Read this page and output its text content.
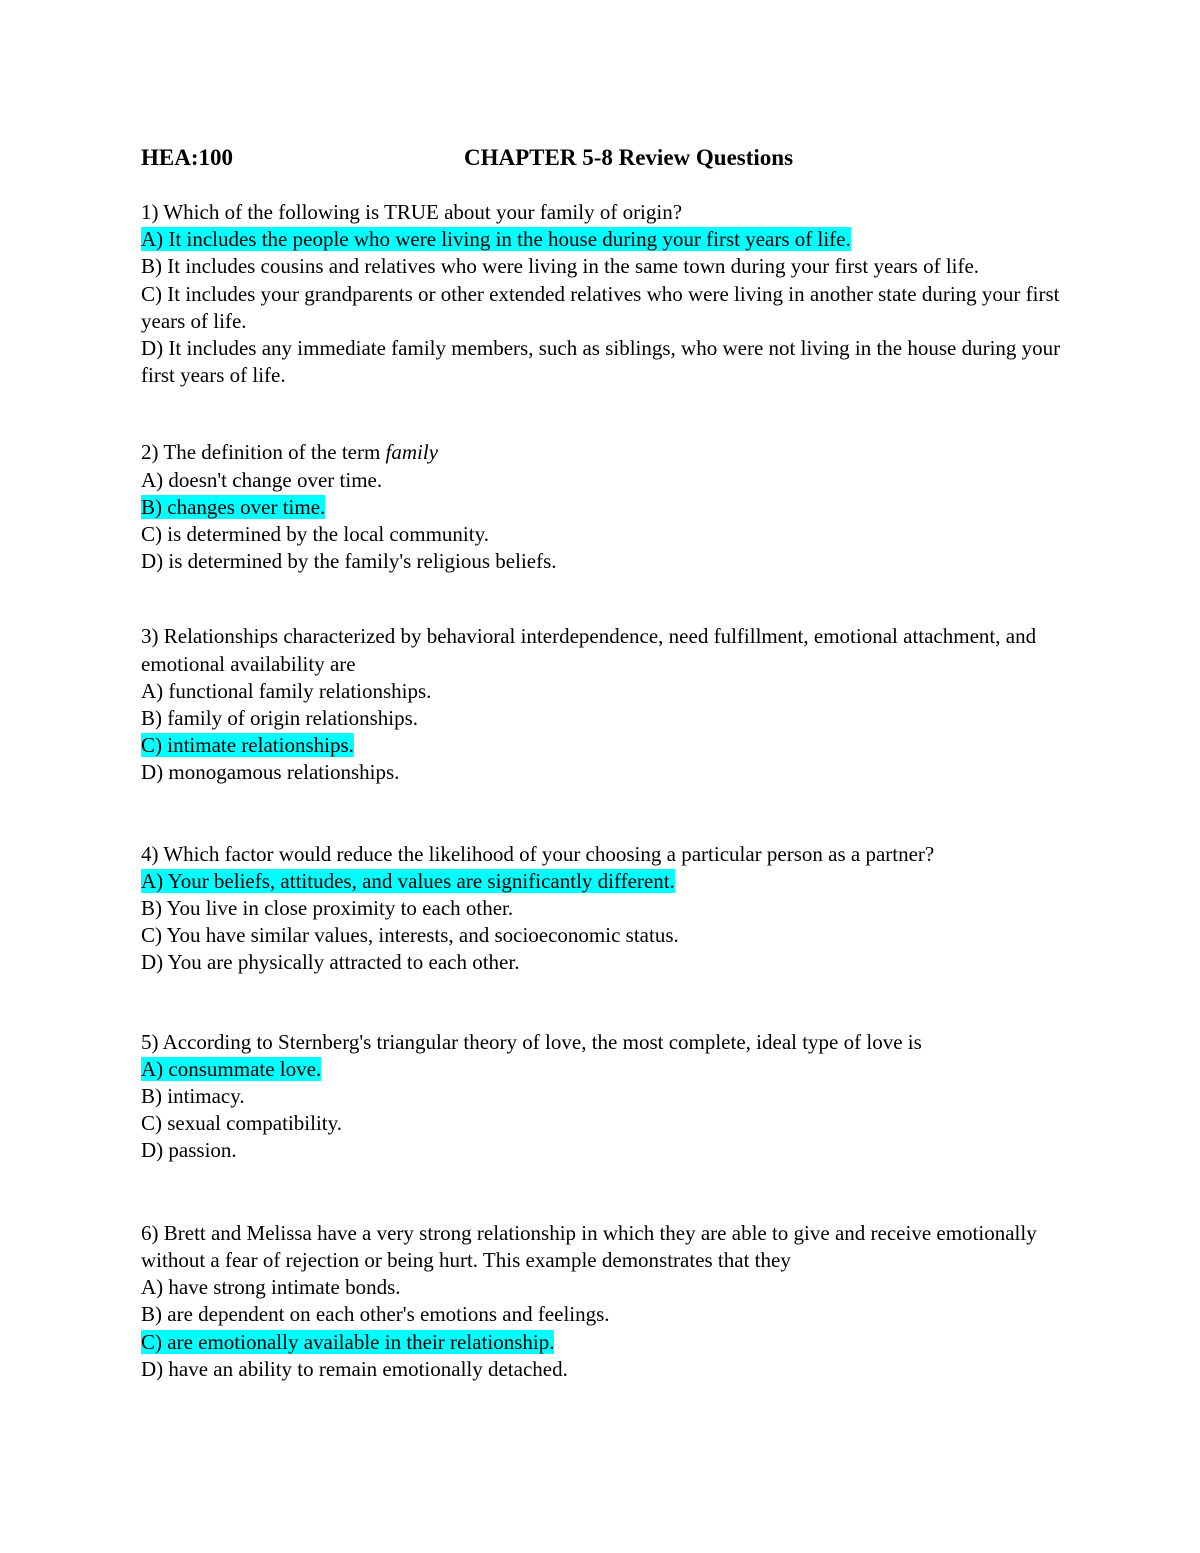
HEA:100	CHAPTER 5-8 Review Questions

1) Which of the following is TRUE about your family of origin?

A) It includes the people who were living in the house during your first years of life.

B) It includes cousins and relatives who were living in the same town during your first years of life.

C) It includes your grandparents or other extended relatives who were living in another state during your first years of life.

D) It includes any immediate family members, such as siblings, who were not living in the house during your first years of life.

2) The definition of the term family

A) doesn't change over time.

B) changes over time.

C) is determined by the local community.

D) is determined by the family's religious beliefs.

3) Relationships characterized by behavioral interdependence, need fulfillment, emotional attachment, and emotional availability are

A) functional family relationships.

B) family of origin relationships.

C) intimate relationships.

D) monogamous relationships.

4) Which factor would reduce the likelihood of your choosing a particular person as a partner?

A) Your beliefs, attitudes, and values are significantly different.

B) You live in close proximity to each other.

C) You have similar values, interests, and socioeconomic status.

D) You are physically attracted to each other.

5) According to Sternberg's triangular theory of love, the most complete, ideal type of love is

A) consummate love.

B) intimacy.

C) sexual compatibility.

D) passion.

6) Brett and Melissa have a very strong relationship in which they are able to give and receive emotionally without a fear of rejection or being hurt. This example demonstrates that they

A) have strong intimate bonds.

B) are dependent on each other's emotions and feelings.

C) are emotionally available in their relationship.

D) have an ability to remain emotionally detached.
